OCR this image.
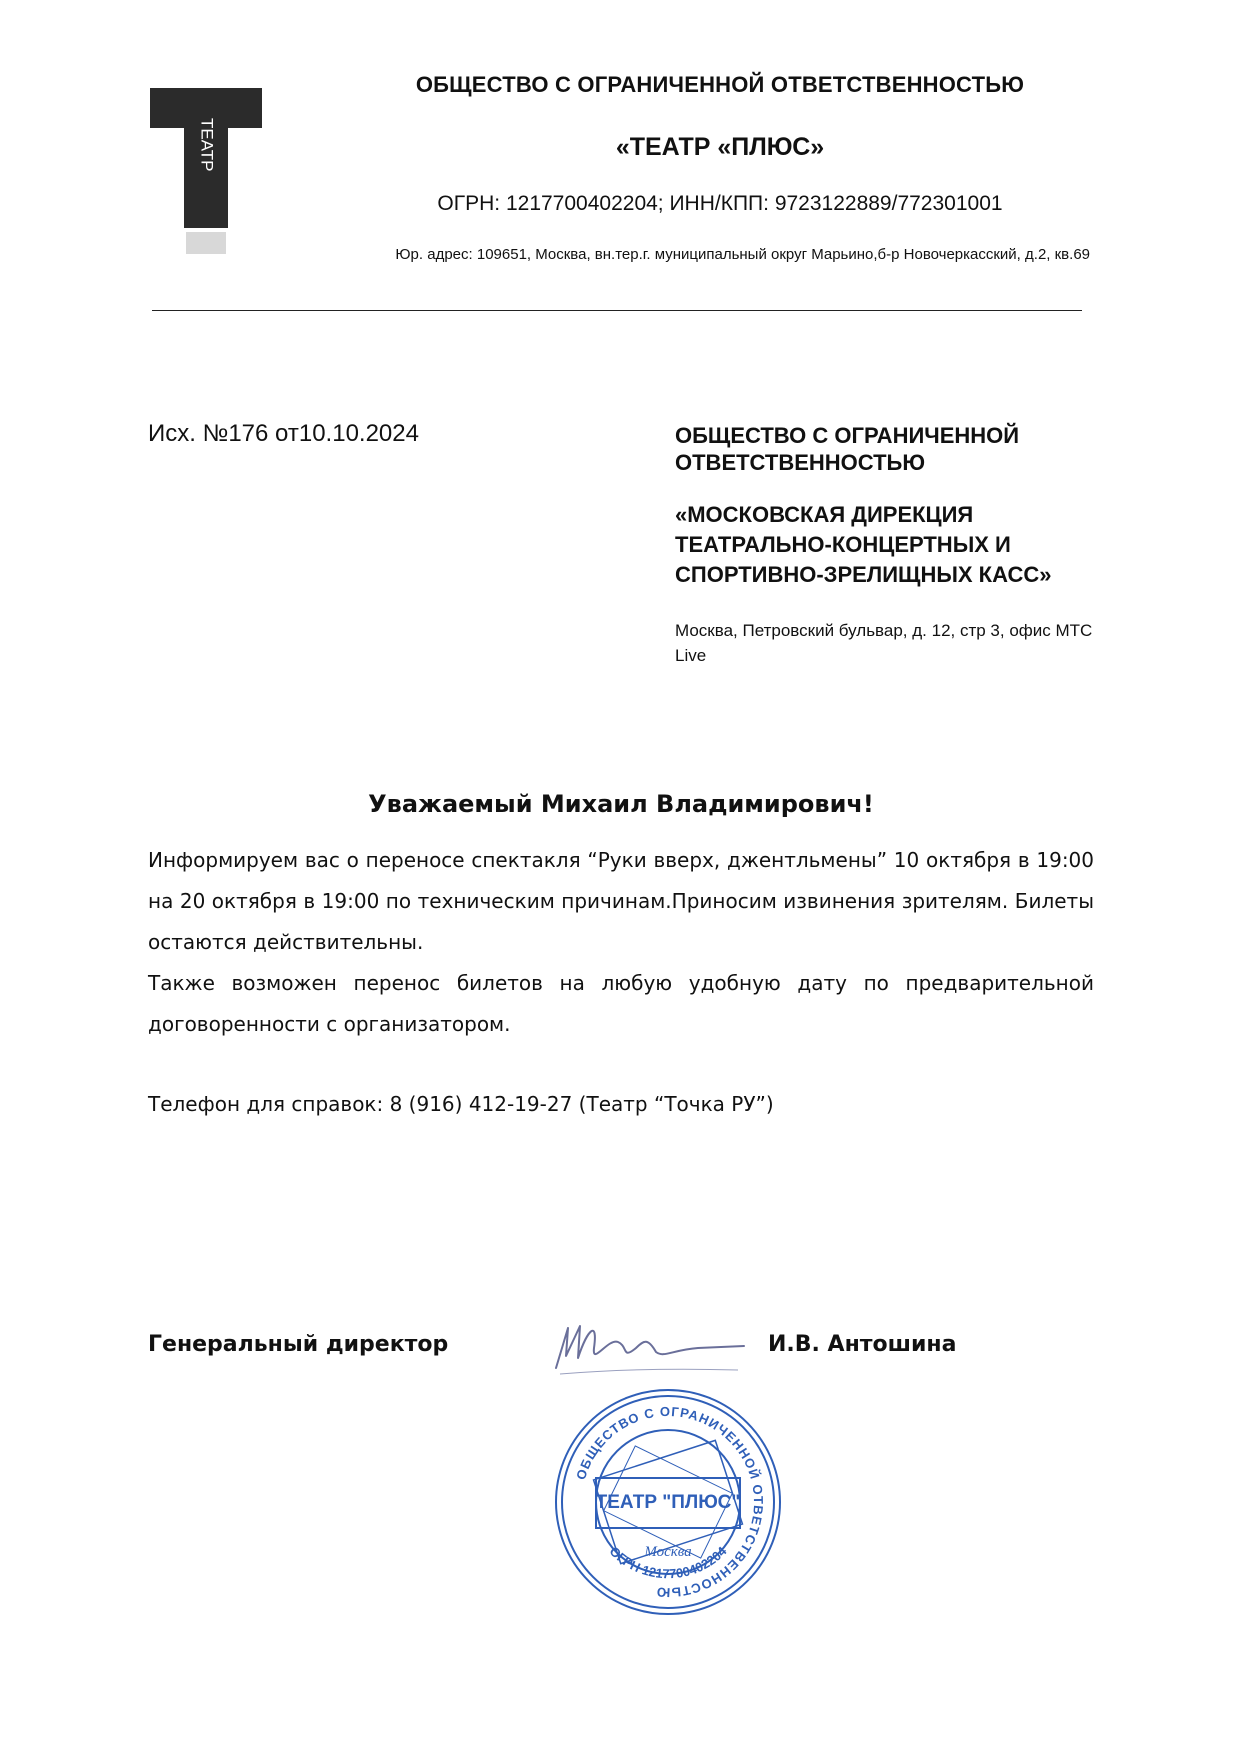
ТЕАТР
ОБЩЕСТВО С ОГРАНИЧЕННОЙ ОТВЕТСТВЕННОСТЬЮ
«ТЕАТР «ПЛЮС»
ОГРН: 1217700402204; ИНН/КПП: 9723122889/772301001
Юр. адрес: 109651, Москва, вн.тер.г. муниципальный округ Марьино,б-р Новочеркасский, д.2, кв.69
Исх. №176 от10.10.2024	ОБЩЕСТВО С ОГРАНИЧЕННОЙ ОТВЕТСТВЕННОСТЬЮ
«МОСКОВСКАЯ ДИРЕКЦИЯ ТЕАТРАЛЬНО-КОНЦЕРТНЫХ И СПОРТИВНО-ЗРЕЛИЩНЫХ КАСС»
Москва, Петровский бульвар, д. 12, стр 3, офис МТС Live
Уважаемый Михаил Владимирович!

Информируем вас о переносе спектакля “Руки вверх, джентльмены” 10 октября в 19:00 на 20 октября в 19:00 по техническим причинам.Приносим извинения зрителям. Билеты остаются действительны.

Также возможен перенос билетов на любую удобную дату по предварительной договоренности с организатором.

Телефон для справок: 8 (916) 412-19-27 (Театр “Точка РУ”)
Генеральный директор	И.В. Антошина
ОБЩЕСТВО С ОГРАНИЧЕННОЙ ОТВЕТСТВЕННОСТЬЮ
ОГРН 1217700402204
ТЕАТР "ПЛЮС"
Москва
